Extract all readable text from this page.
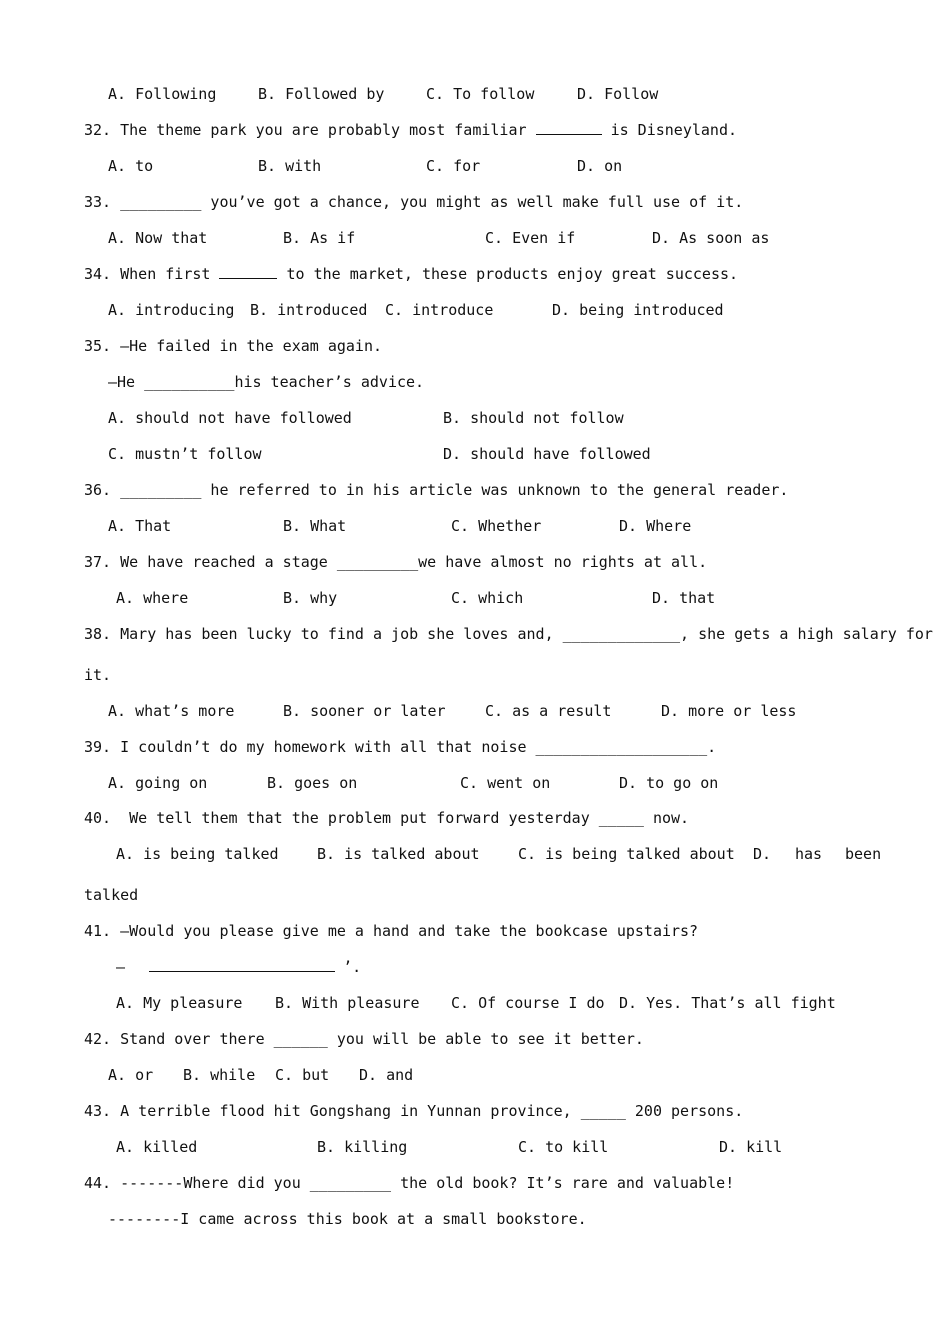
A. Following	B. Followed by	C. To follow	D. Follow
32. The theme park you are probably most familiar	is Disneyland.
A. to	B. with	C. for	D. on
33. _________ you’ve got a chance, you might as well make full use of it.
A. Now that	B. As if	C. Even if	D. As soon as
34. When first	to the market, these products enjoy great success.
A. introducing B. introduced C. introduce	D. being introduced
35. —He failed in the exam again.
—He __________his teacher’s advice.
A. should not have followed	B. should not follow
C. mustn’t follow	D. should have followed
36. _________ he referred to in his article was unknown to the general reader.
A. That	B. What	C. Whether	D. Where
37. We have reached a stage _________we have almost no rights at all.
A. where	B. why	C. which	D. that
38. Mary has been lucky to find a job she loves and, _____________, she gets a high salary for
it.
A. what’s more	B. sooner or later	C. as a result	D. more or less
39. I couldn’t do my homework with all that noise ___________________.
A. going on	B. goes on	C. went on	D. to go on
40.  We tell them that the problem put forward yesterday _____ now.
A. is being talked	B. is talked about	C. is being talked about D. has been
talked
41. —Would you please give me a hand and take the bookcase upstairs?
—	’.
A. My pleasure B. With pleasure C. Of course I do D. Yes. That’s all fight
42. Stand over there ______ you will be able to see it better.
A. or B. while C. but D. and
43. A terrible flood hit Gongshang in Yunnan province, _____ 200 persons.
A. killed	B. killing	C. to kill	D. kill
44. -------Where did you _________ the old book? It’s rare and valuable!
--------I came across this book at a small bookstore.
